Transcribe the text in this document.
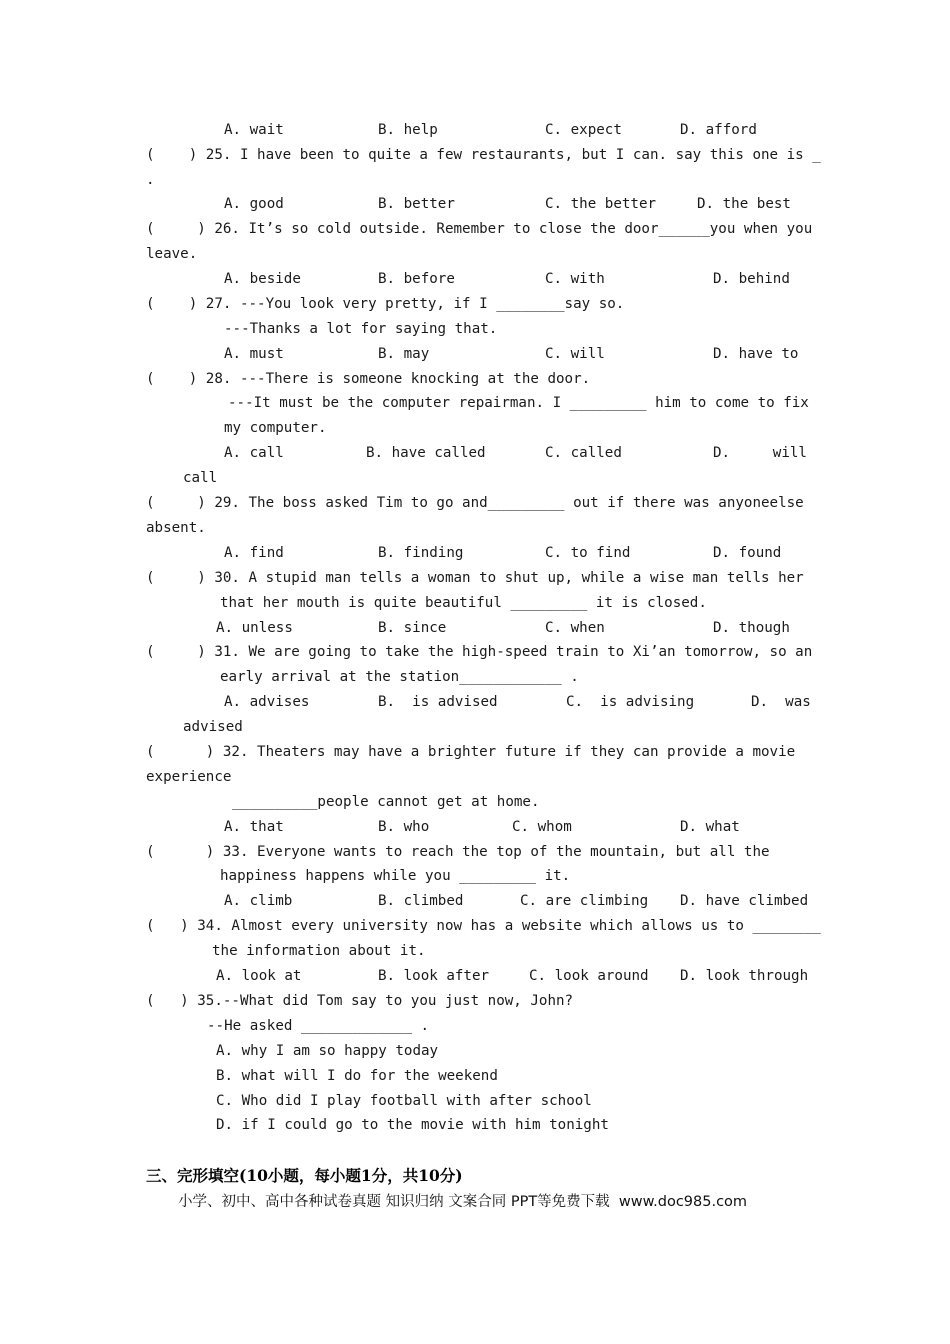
A. wait	B. help	C. expect	D. afford
(    ) 25. I have been to quite a few restaurants, but I can. say this one is _
.
A. good	B. better	C. the better	D. the best
(     ) 26. It’s so cold outside. Remember to close the door______you when you
leave.
A. beside	B. before	C. with	D. behind
(    ) 27. ---You look very pretty, if I ________say so.
---Thanks a lot for saying that.
A. must	B. may	C. will	D. have to
(    ) 28. ---There is someone knocking at the door.
---It must be the computer repairman. I _________ him to come to fix
my computer.
A. call	B. have called	C. called	D.     will
call
(     ) 29. The boss asked Tim to go and_________ out if there was anyoneelse
absent.
A. find	B. finding	C. to find	D. found
(     ) 30. A stupid man tells a woman to shut up, while a wise man tells her
that her mouth is quite beautiful _________ it is closed.
A. unless	B. since	C. when	D. though
(     ) 31. We are going to take the high-speed train to Xi’an tomorrow, so an
early arrival at the station____________ .
A. advises	B.  is advised	C.  is advising	D.  was
advised
(      ) 32. Theaters may have a brighter future if they can provide a movie
experience
__________people cannot get at home.
A. that	B. who	C. whom	D. what
(      ) 33. Everyone wants to reach the top of the mountain, but all the
happiness happens while you _________ it.
A. climb	B. climbed	C. are climbing D. have climbed
(   ) 34. Almost every university now has a website which allows us to ________
the information about it.
A. look at	B. look after	C. look around D. look through
(   ) 35.--What did Tom say to you just now, John?
--He asked _____________ .
A. why I am so happy today
B. what will I do for the weekend
C. Who did I play football with after school
D. if I could go to the movie with him tonight
三、完形填空(10小题，每小题1分，共10分)
小学、初中、高中各种试卷真题 知识归纳 文案合同 PPT等免费下载  www.doc985.com
